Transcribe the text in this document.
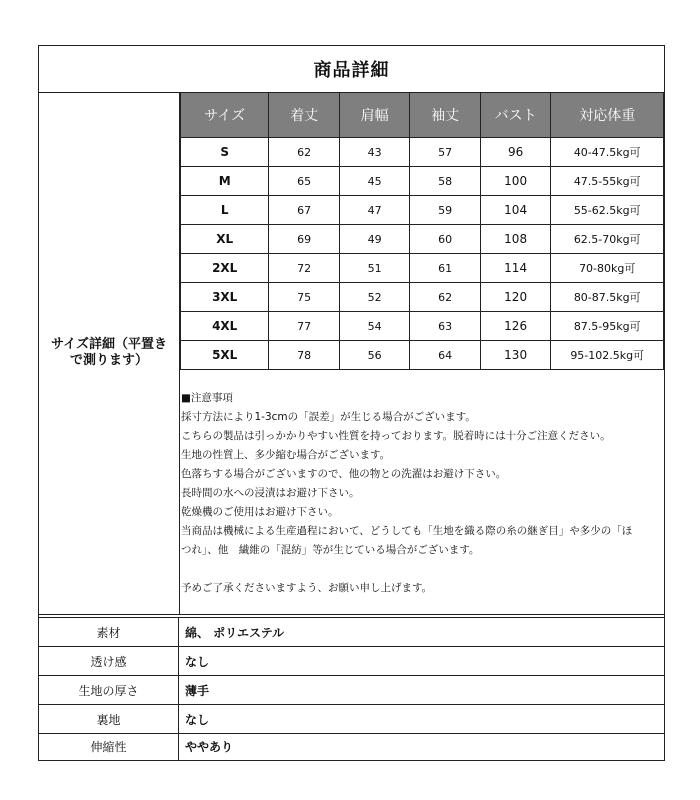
商品詳細
サイズ詳細（平置きで測ります）
サイズ	着丈	肩幅	袖丈	バスト	対応体重
S	62	43	57	96	40-47.5kg可
M	65	45	58	100	47.5-55kg可
L	67	47	59	104	55-62.5kg可
XL	69	49	60	108	62.5-70kg可
2XL	72	51	61	114	70-80kg可
3XL	75	52	62	120	80-87.5kg可
4XL	77	54	63	126	87.5-95kg可
5XL	78	56	64	130	95-102.5kg可

■注意事項

採寸方法により1-3cmの「誤差」が生じる場合がございます。

こちらの製品は引っかかりやすい性質を持っております。脱着時には十分ご注意ください。

生地の性質上、多少縮む場合がございます。

色落ちする場合がございますので、他の物との洗濯はお避け下さい。

長時間の水への浸漬はお避け下さい。

乾燥機のご使用はお避け下さい。

当商品は機械による生産過程において、どうしても「生地を織る際の糸の継ぎ目」や多少の「ほ

つれ」、他　繊維の「混紡」等が生じている場合がございます。

予めご了承くださいますよう、お願い申し上げます。

素材	綿、 ポリエステル
透け感	なし
生地の厚さ	薄手
裏地	なし
伸縮性	ややあり
